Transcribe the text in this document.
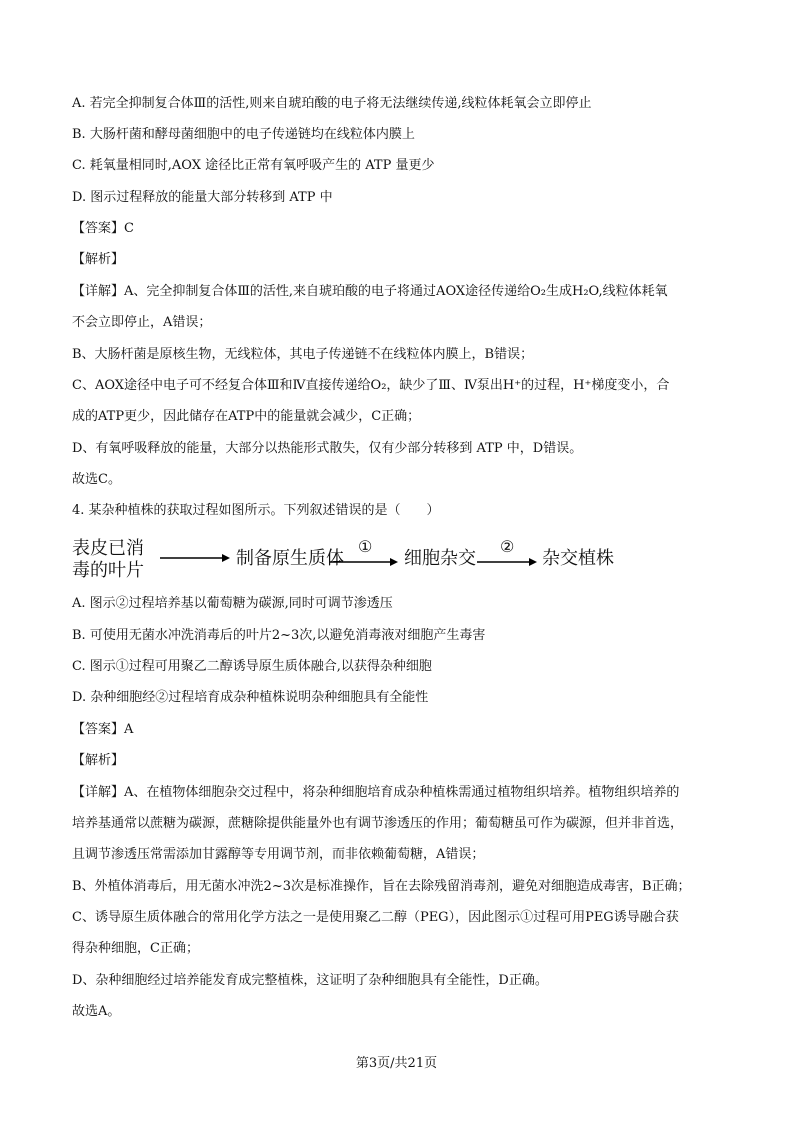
A. 若完全抑制复合体Ⅲ的活性,则来自琥珀酸的电子将无法继续传递,线粒体耗氧会立即停止
B. 大肠杆菌和酵母菌细胞中的电子传递链均在线粒体内膜上
C. 耗氧量相同时,AOX 途径比正常有氧呼吸产生的 ATP 量更少
D. 图示过程释放的能量大部分转移到 ATP 中
【答案】C
【解析】
【详解】A、完全抑制复合体Ⅲ的活性,来自琥珀酸的电子将通过AOX途径传递给O₂生成H₂O,线粒体耗氧
不会立即停止，A错误；
B、大肠杆菌是原核生物，无线粒体，其电子传递链不在线粒体内膜上，B错误；
C、AOX途径中电子可不经复合体Ⅲ和Ⅳ直接传递给O₂，缺少了Ⅲ、Ⅳ泵出H⁺的过程，H⁺梯度变小，合
成的ATP更少，因此储存在ATP中的能量就会减少，C正确；
D、有氧呼吸释放的能量，大部分以热能形式散失，仅有少部分转移到 ATP 中，D错误。
故选C。
4. 某杂种植株的获取过程如图所示。下列叙述错误的是（　　）
表皮已消
毒的叶片
制备原生质体
①
细胞杂交
②
杂交植株
A. 图示②过程培养基以葡萄糖为碳源,同时可调节渗透压
B. 可使用无菌水冲洗消毒后的叶片2~3次,以避免消毒液对细胞产生毒害
C. 图示①过程可用聚乙二醇诱导原生质体融合,以获得杂种细胞
D. 杂种细胞经②过程培育成杂种植株说明杂种细胞具有全能性
【答案】A
【解析】
【详解】A、在植物体细胞杂交过程中，将杂种细胞培育成杂种植株需通过植物组织培养。植物组织培养的
培养基通常以蔗糖为碳源，蔗糖除提供能量外也有调节渗透压的作用；葡萄糖虽可作为碳源，但并非首选，
且调节渗透压常需添加甘露醇等专用调节剂，而非依赖葡萄糖，A错误；
B、外植体消毒后，用无菌水冲洗2~3次是标准操作，旨在去除残留消毒剂，避免对细胞造成毒害，B正确；
C、诱导原生质体融合的常用化学方法之一是使用聚乙二醇（PEG），因此图示①过程可用PEG诱导融合获
得杂种细胞，C正确；
D、杂种细胞经过培养能发育成完整植株，这证明了杂种细胞具有全能性，D正确。
故选A。
第3页/共21页
